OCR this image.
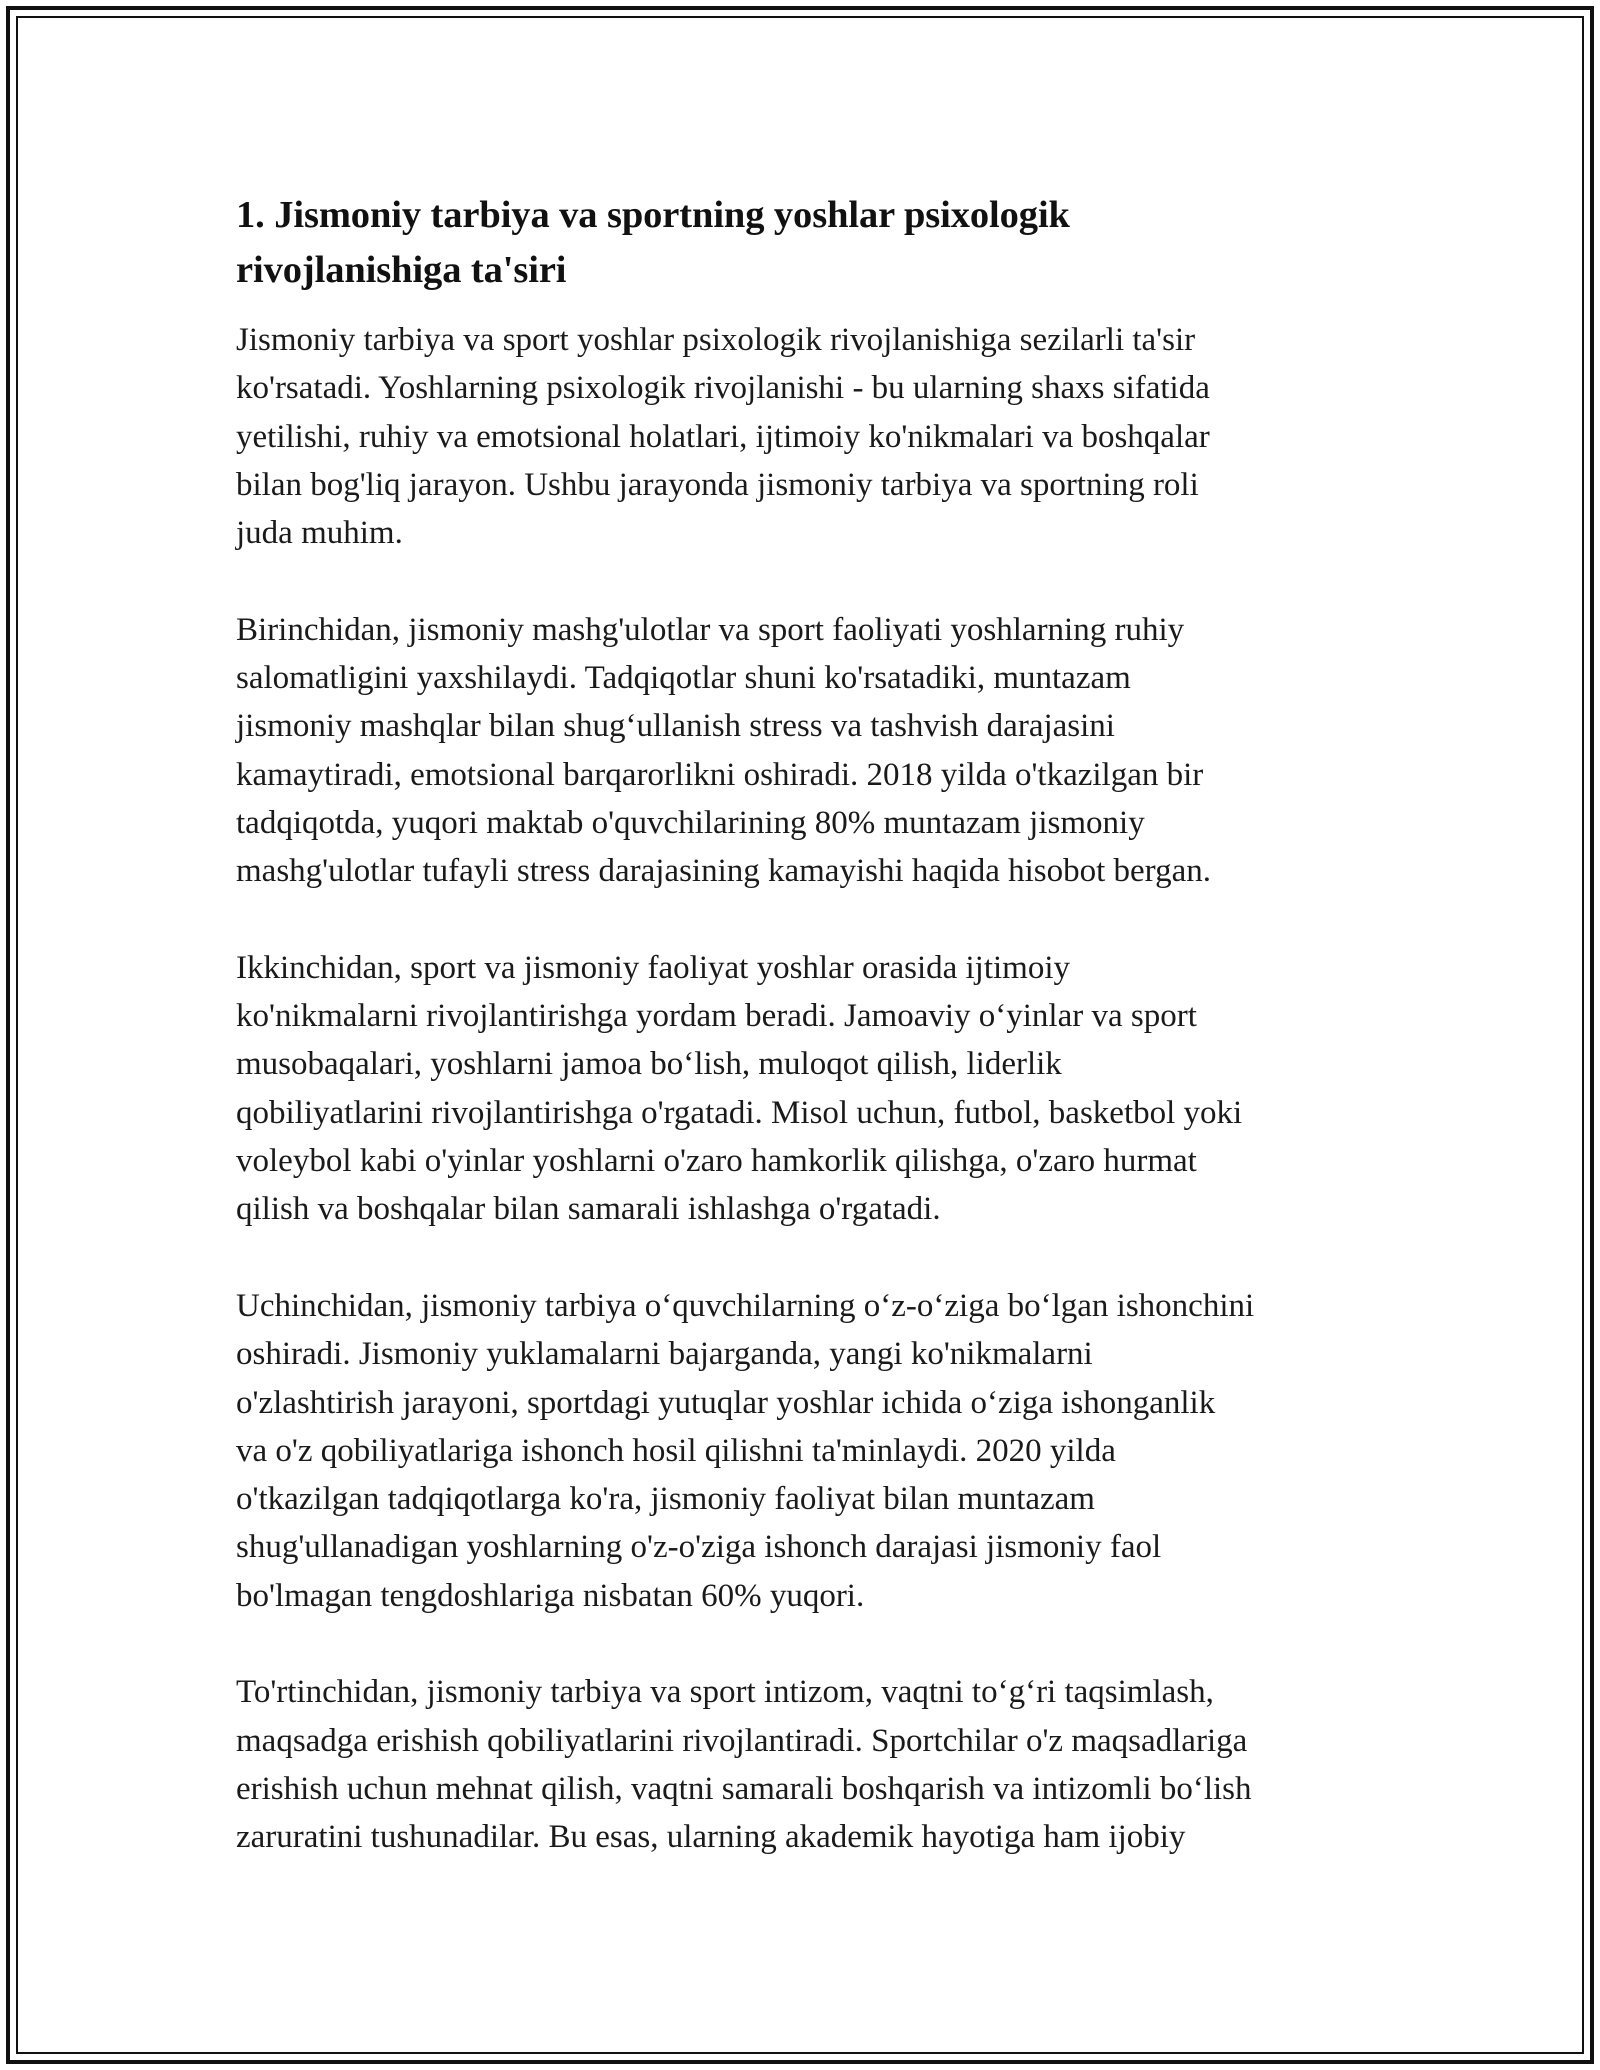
1. Jismoniy tarbiya va sportning yoshlar psixologik
rivojlanishiga ta'siri

Jismoniy tarbiya va sport yoshlar psixologik rivojlanishiga sezilarli ta'sir
ko'rsatadi. Yoshlarning psixologik rivojlanishi - bu ularning shaxs sifatida
yetilishi, ruhiy va emotsional holatlari, ijtimoiy ko'nikmalari va boshqalar
bilan bog'liq jarayon. Ushbu jarayonda jismoniy tarbiya va sportning roli
juda muhim.

Birinchidan, jismoniy mashg'ulotlar va sport faoliyati yoshlarning ruhiy
salomatligini yaxshilaydi. Tadqiqotlar shuni ko'rsatadiki, muntazam
jismoniy mashqlar bilan shug‘ullanish stress va tashvish darajasini
kamaytiradi, emotsional barqarorlikni oshiradi. 2018 yilda o'tkazilgan bir
tadqiqotda, yuqori maktab o'quvchilarining 80% muntazam jismoniy
mashg'ulotlar tufayli stress darajasining kamayishi haqida hisobot bergan.

Ikkinchidan, sport va jismoniy faoliyat yoshlar orasida ijtimoiy
ko'nikmalarni rivojlantirishga yordam beradi. Jamoaviy o‘yinlar va sport
musobaqalari, yoshlarni jamoa bo‘lish, muloqot qilish, liderlik
qobiliyatlarini rivojlantirishga o'rgatadi. Misol uchun, futbol, basketbol yoki
voleybol kabi o'yinlar yoshlarni o'zaro hamkorlik qilishga, o'zaro hurmat
qilish va boshqalar bilan samarali ishlashga o'rgatadi.

Uchinchidan, jismoniy tarbiya o‘quvchilarning o‘z-o‘ziga bo‘lgan ishonchini
oshiradi. Jismoniy yuklamalarni bajarganda, yangi ko'nikmalarni
o'zlashtirish jarayoni, sportdagi yutuqlar yoshlar ichida o‘ziga ishonganlik
va o'z qobiliyatlariga ishonch hosil qilishni ta'minlaydi. 2020 yilda
o'tkazilgan tadqiqotlarga ko'ra, jismoniy faoliyat bilan muntazam
shug'ullanadigan yoshlarning o'z-o'ziga ishonch darajasi jismoniy faol
bo'lmagan tengdoshlariga nisbatan 60% yuqori.

To'rtinchidan, jismoniy tarbiya va sport intizom, vaqtni to‘g‘ri taqsimlash,
maqsadga erishish qobiliyatlarini rivojlantiradi. Sportchilar o'z maqsadlariga
erishish uchun mehnat qilish, vaqtni samarali boshqarish va intizomli bo‘lish
zaruratini tushunadilar. Bu esas, ularning akademik hayotiga ham ijobiy
